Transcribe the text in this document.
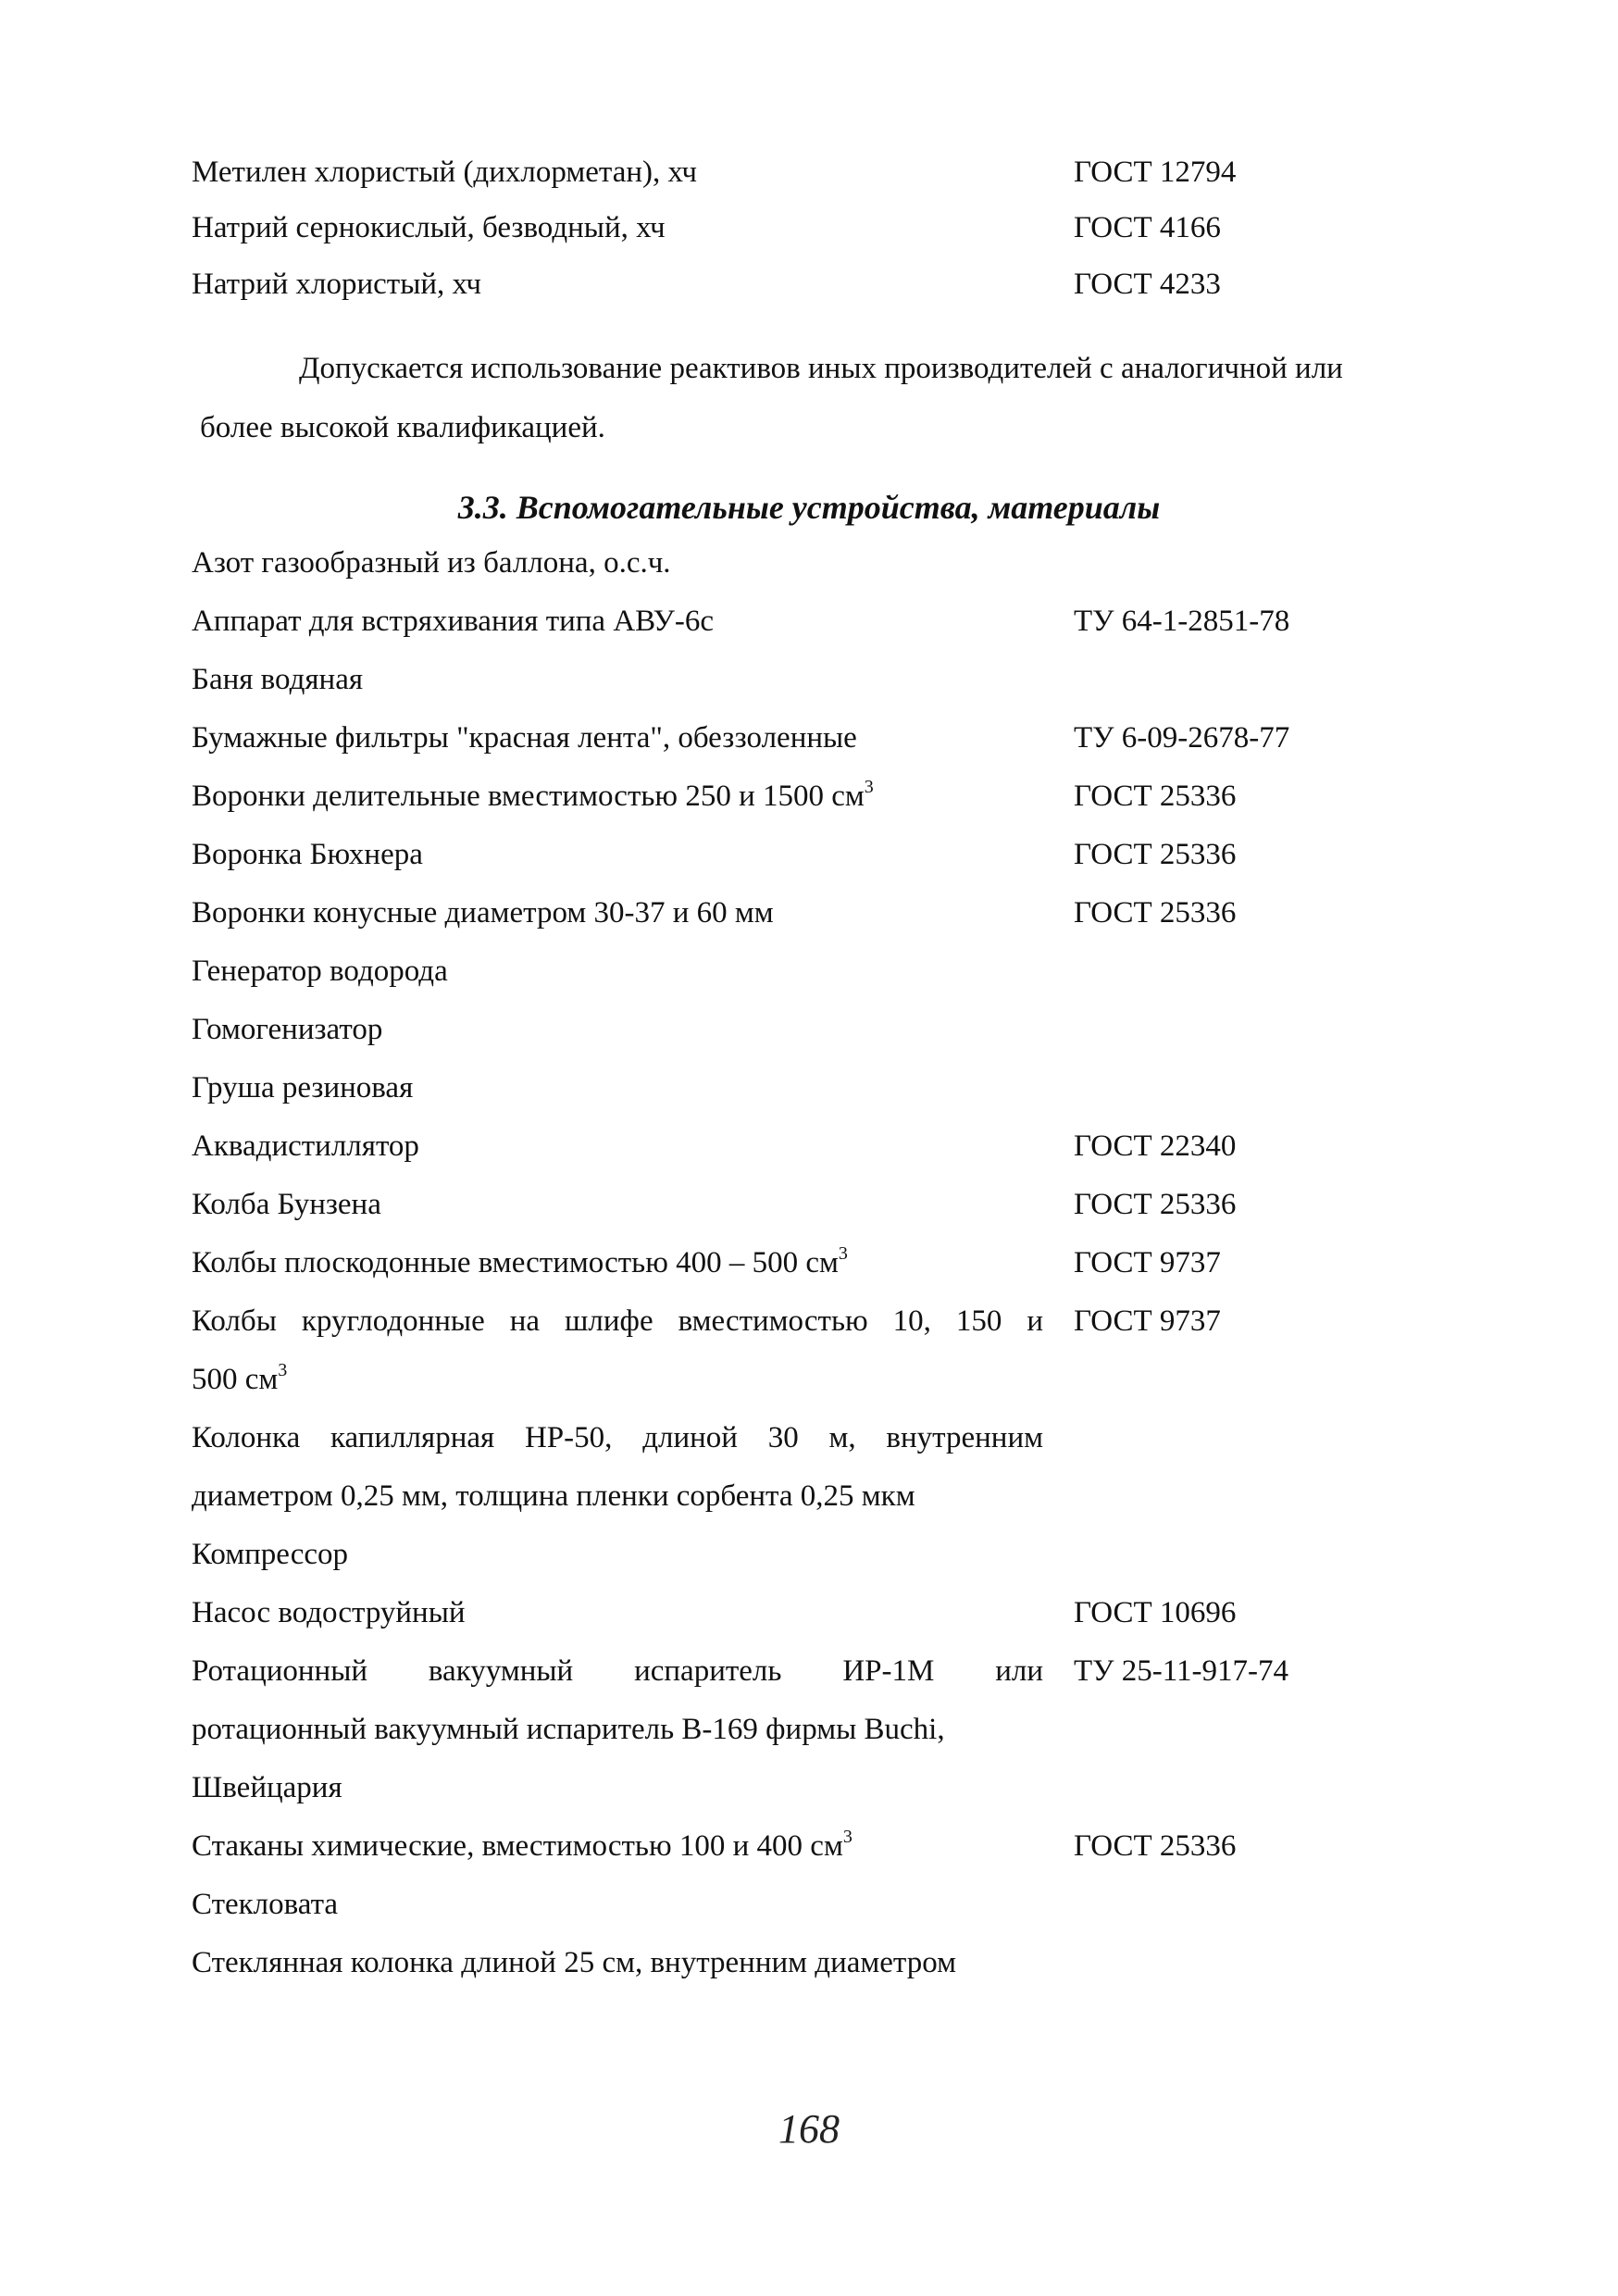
Метилен хлористый (дихлорметан), хч	ГОСТ 12794
Натрий сернокислый, безводный, хч	ГОСТ 4166
Натрий хлористый, хч	ГОСТ 4233
Допускается использование реактивов иных производителей с аналогичной или
более высокой квалификацией.
3.3. Вспомогательные устройства, материалы
Азот газообразный из баллона, о.с.ч.
Аппарат для встряхивания типа АВУ-6с	ТУ 64-1-2851-78
Баня водяная
Бумажные фильтры "красная лента", обеззоленные	ТУ 6-09-2678-77
Воронки делительные вместимостью 250 и 1500 $см^3$	ГОСТ 25336
Воронка Бюхнера	ГОСТ 25336
Воронки конусные диаметром 30-37 и 60 мм	ГОСТ 25336
Генератор водорода
Гомогенизатор
Груша резиновая
Аквадистиллятор	ГОСТ 22340
Колба Бунзена	ГОСТ 25336
Колбы плоскодонные вместимостью 400 – 500 $см^3$	ГОСТ 9737
Колбы круглодонные на шлифе вместимостью 10, 150 и ГОСТ 9737
500 $см^3$
Колонка капиллярная HP-50, длиной 30 м, внутренним
диаметром 0,25 мм, толщина пленки сорбента 0,25 мкм
Компрессор
Насос водоструйный	ГОСТ 10696
Ротационный вакуумный испаритель ИР-1М или ТУ 25-11-917-74
ротационный вакуумный испаритель В-169 фирмы Buchi,
Швейцария
Стаканы химические, вместимостью 100 и 400 $см^3$	ГОСТ 25336
Стекловата
Стеклянная колонка длиной 25 см, внутренним диаметром
168
